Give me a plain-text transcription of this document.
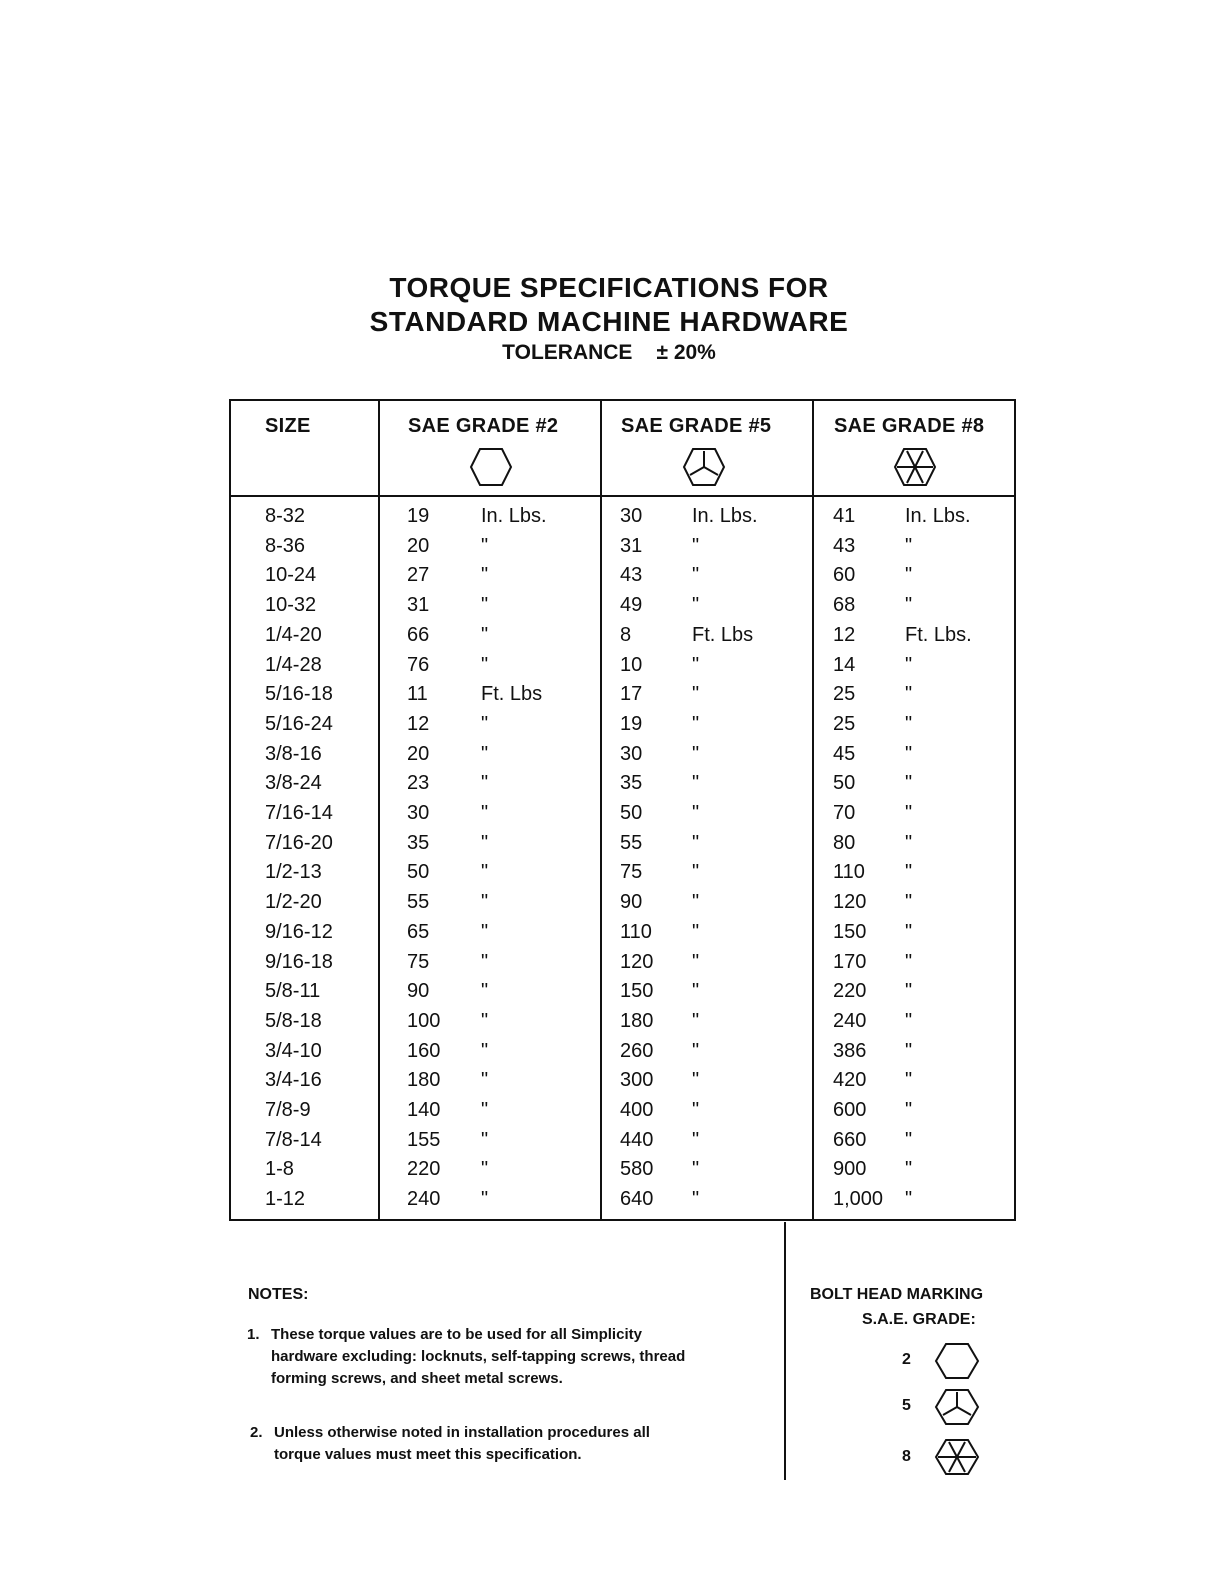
TORQUE SPECIFICATIONS FOR
STANDARD MACHINE HARDWARE
TOLERANCE ± 20%
SIZE	SAE GRADE #2	SAE GRADE #5	SAE GRADE #8
8-32	19	In. Lbs.	30 In. Lbs.	41 In. Lbs.
8-36	20	"	31 "	43 "
10-24	27	"	43 "	60 "
10-32	31	"	49 "	68 "
1/4-20	66	"	8	Ft. Lbs	12 Ft. Lbs.
1/4-28	76	"	10 "	14 "
5/16-18	11	Ft. Lbs	17 "	25 "
5/16-24	12	"	19 "	25 "
3/8-16	20	"	30 "	45 "
3/8-24	23	"	35 "	50 "
7/16-14	30	"	50 "	70 "
7/16-20	35	"	55 "	80 "
1/2-13	50	"	75 "	110 "
1/2-20	55	"	90 "	120 "
9/16-12	65	"	110 "	150 "
9/16-18	75	"	120 "	170 "
5/8-11	90	"	150 "	220 "
5/8-18	100 "	180 "	240 "
3/4-10	160 "	260 "	386 "
3/4-16	180 "	300 "	420 "
7/8-9	140 "	400 "	600 "
7/8-14	155 "	440 "	660 "
1-8	220 "	580 "	900 "
1-12	240 "	640 "	1,000 "
NOTES:
1. These torque values are to be used for all Simplicity
hardware excluding: locknuts, self-tapping screws, thread
forming screws, and sheet metal screws.
2. Unless otherwise noted in installation procedures all
torque values must meet this specification.
BOLT HEAD MARKING
S.A.E. GRADE:
2
5
8
